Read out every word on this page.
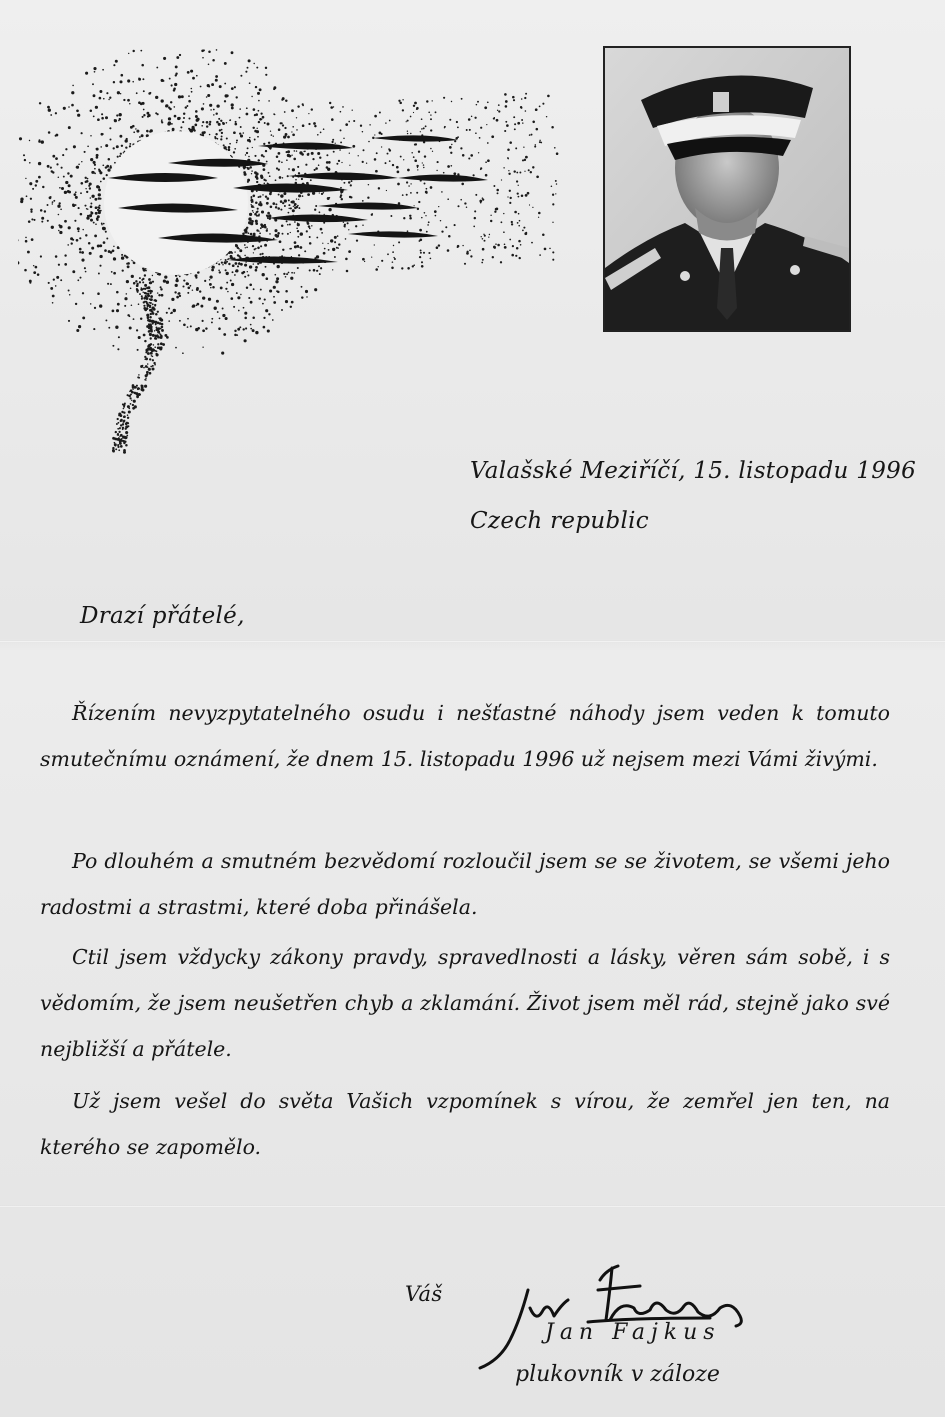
Valašské Meziříčí, 15. listopadu 1996
Czech republic
Drazí přátelé,
Řízením nevyzpytatelného osudu i nešťastné náhody jsem veden k tomuto smutečnímu oznámení, že dnem 15. listopadu 1996 už nejsem mezi Vámi živými.
Po dlouhém a smutném bezvědomí rozloučil jsem se se životem, se všemi jeho radostmi a strastmi, které doba přinášela.
Ctil jsem vždycky zákony pravdy, spravedlnosti a lásky, věren sám sobě, i s vědomím, že jsem neušetřen chyb a zklamání. Život jsem měl rád, stejně jako své nejbližší a přátele.
Už jsem vešel do světa Vašich vzpomínek s vírou, že zemřel jen ten, na kterého se zapomělo.
Váš
Jan Fajkus
plukovník v záloze
